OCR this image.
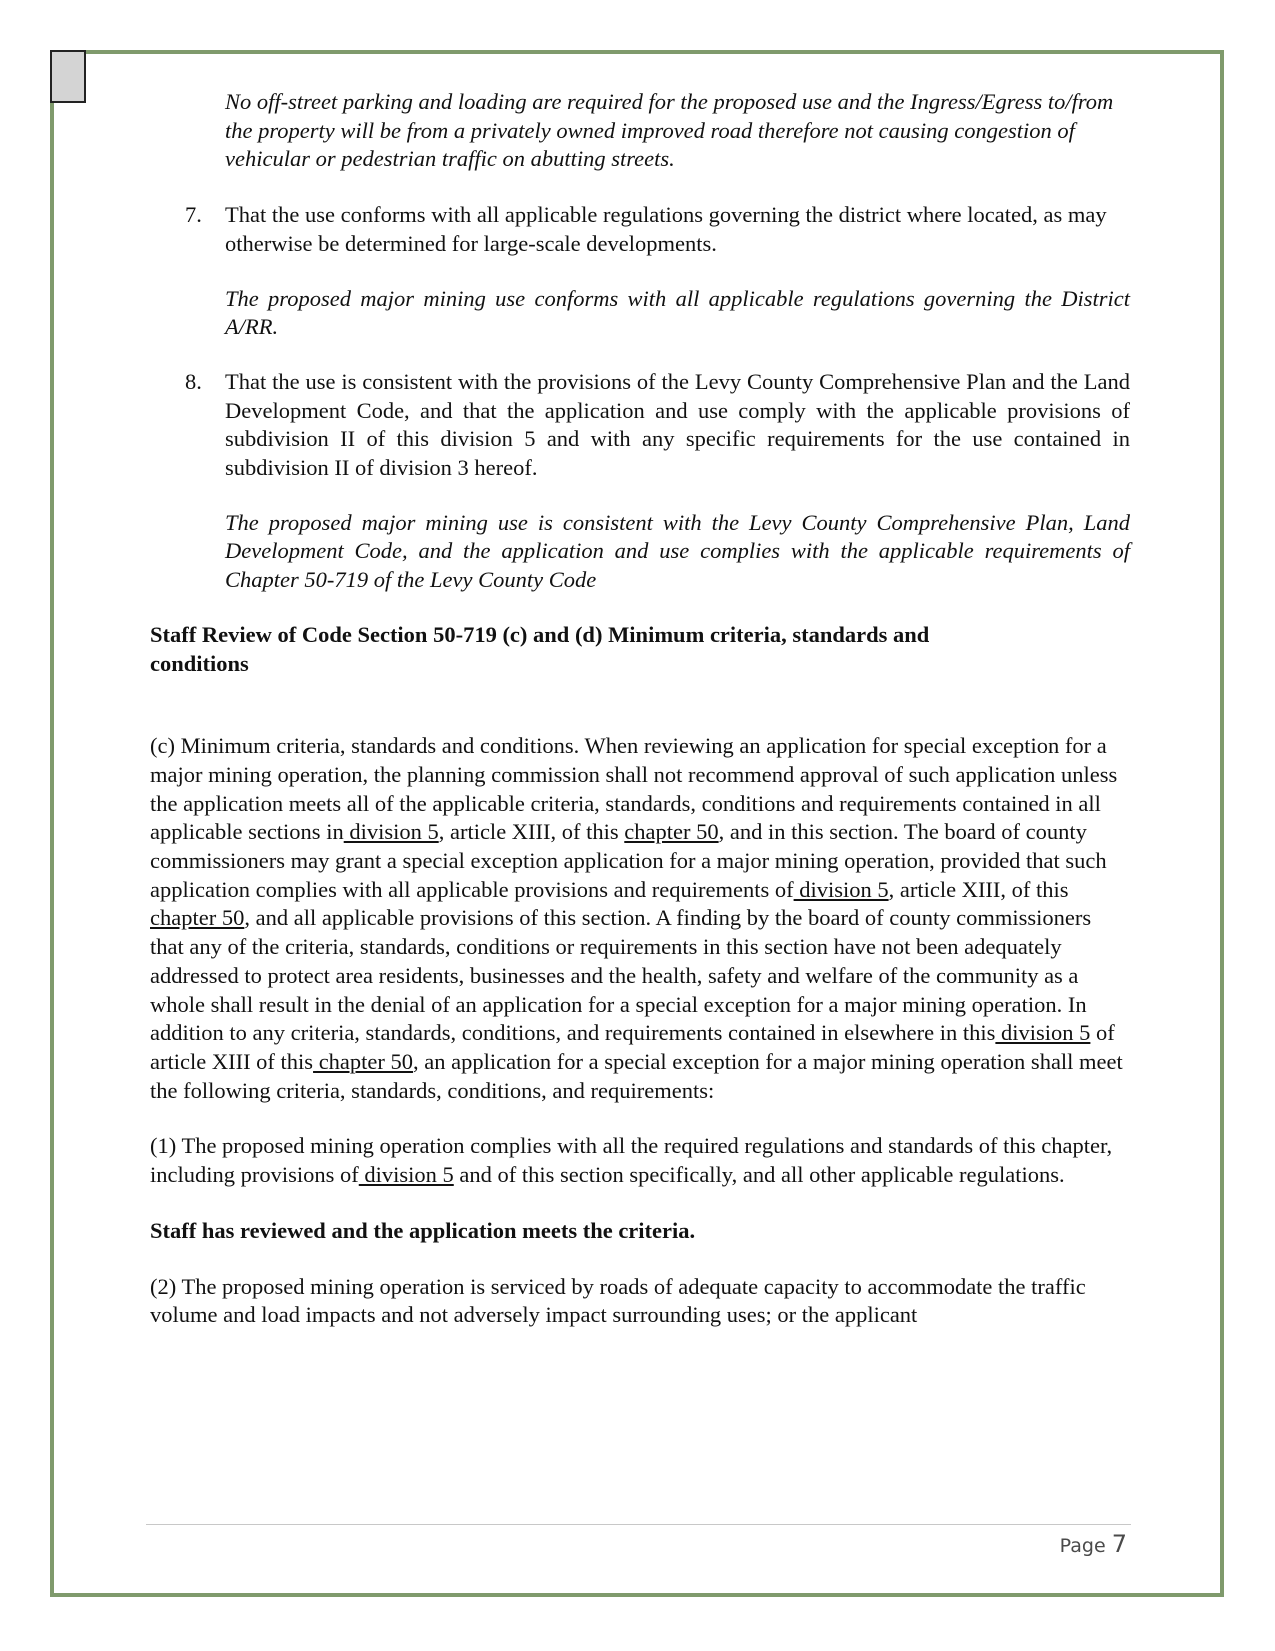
No off-street parking and loading are required for the proposed use and the Ingress/Egress to/from the property will be from a privately owned improved road therefore not causing congestion of vehicular or pedestrian traffic on abutting streets.

7.	That the use conforms with all applicable regulations governing the district where located, as may otherwise be determined for large-scale developments.

The proposed major mining use conforms with all applicable regulations governing the District A/RR.

8.	That the use is consistent with the provisions of the Levy County Comprehensive Plan and the Land Development Code, and that the application and use comply with the applicable provisions of subdivision II of this division 5 and with any specific requirements for the use contained in subdivision II of division 3 hereof.

The proposed major mining use is consistent with the Levy County Comprehensive Plan, Land Development Code, and the application and use complies with the applicable requirements of Chapter 50-719 of the Levy County Code

Staff Review of Code Section 50-719 (c) and (d) Minimum criteria, standards and conditions

(c) Minimum criteria, standards and conditions. When reviewing an application for special exception for a major mining operation, the planning commission shall not recommend approval of such application unless the application meets all of the applicable criteria, standards, conditions and requirements contained in all applicable sections in division 5, article XIII, of this chapter 50, and in this section. The board of county commissioners may grant a special exception application for a major mining operation, provided that such application complies with all applicable provisions and requirements of division 5, article XIII, of this chapter 50, and all applicable provisions of this section. A finding by the board of county commissioners that any of the criteria, standards, conditions or requirements in this section have not been adequately addressed to protect area residents, businesses and the health, safety and welfare of the community as a whole shall result in the denial of an application for a special exception for a major mining operation. In addition to any criteria, standards, conditions, and requirements contained in elsewhere in this division 5 of article XIII of this chapter 50, an application for a special exception for a major mining operation shall meet the following criteria, standards, conditions, and requirements:

(1) The proposed mining operation complies with all the required regulations and standards of this chapter, including provisions of division 5 and of this section specifically, and all other applicable regulations.

Staff has reviewed and the application meets the criteria.

(2) The proposed mining operation is serviced by roads of adequate capacity to accommodate the traffic volume and load impacts and not adversely impact surrounding uses; or the applicant

Page 7
